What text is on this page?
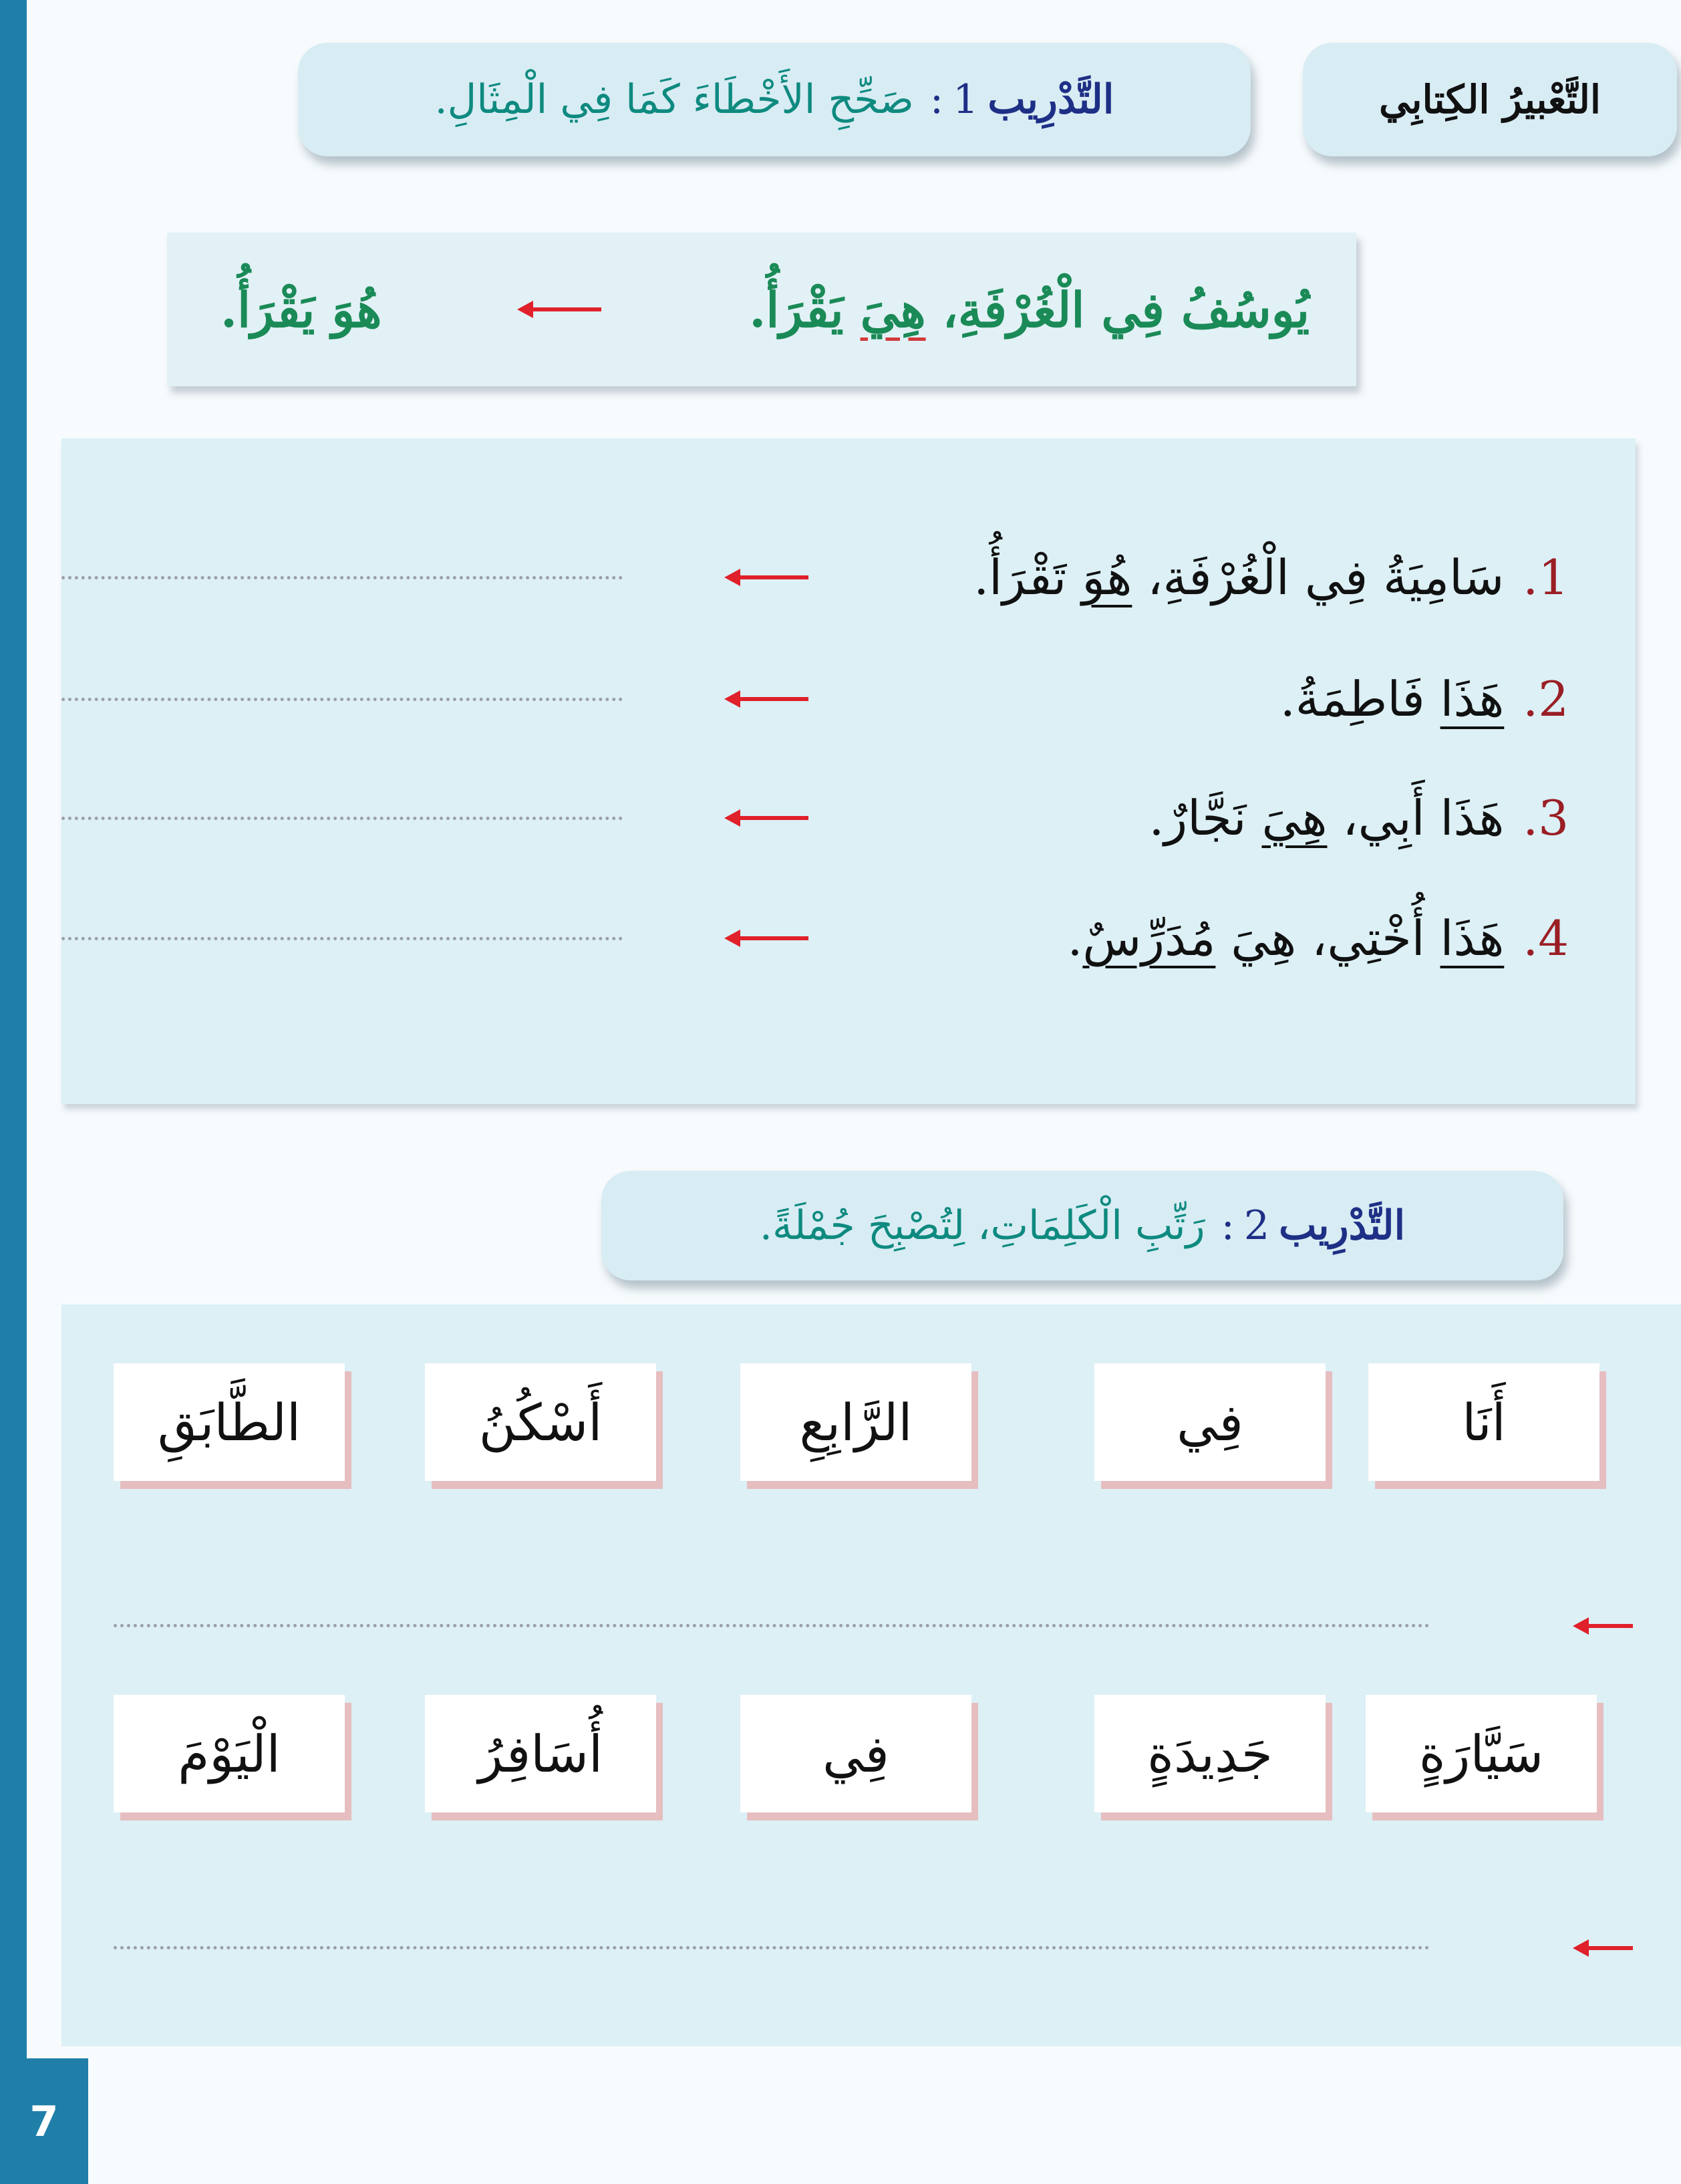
7
التَّعْبيرُ الكِتابِي
التَّدْرِيب
1
:
صَحِّحِ الأَخْطَاءَ كَمَا فِي الْمِثَالِ.
يُوسُفُ فِي الْغُرْفَةِ، هِيَ يَقْرَأُ.
هُوَ يَقْرَأُ.
1.
سَامِيَةُ فِي الْغُرْفَةِ،

هُوَ

تَقْرَأُ.
2.
هَذَا

فَاطِمَةُ.
3.
هَذَا أَبِي،

هِيَ

نَجَّارٌ.
4.
هَذَا

أُخْتِي، هِيَ

مُدَرِّسٌ
.
التَّدْرِيب
2
:
رَتِّبِ الْكَلِمَاتِ، لِتُصْبِحَ جُمْلَةً.
أَنَا
فِي
الرَّابِعِ
أَسْكُنُ
الطَّابَقِ
سَيَّارَةٍ
جَدِيدَةٍ
فِي
أُسَافِرُ
الْيَوْمَ
